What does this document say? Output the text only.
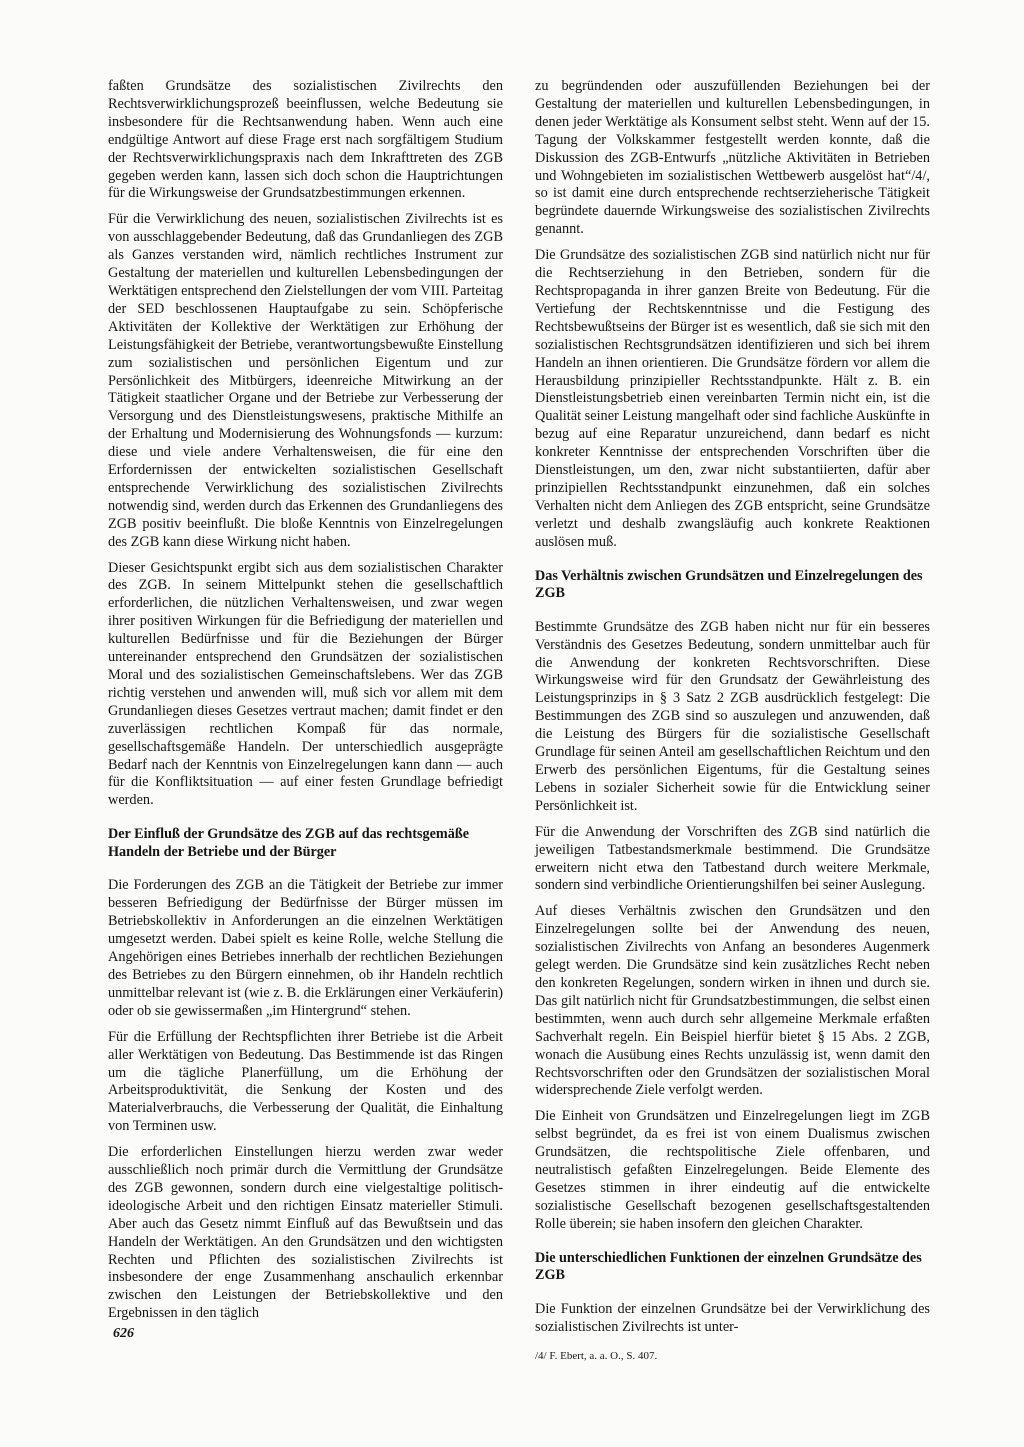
faßten Grundsätze des sozialistischen Zivilrechts den Rechtsverwirklichungsprozeß beeinflussen, welche Bedeutung sie insbesondere für die Rechtsanwendung haben. Wenn auch eine endgültige Antwort auf diese Frage erst nach sorgfältigem Studium der Rechtsverwirklichungspraxis nach dem Inkrafttreten des ZGB gegeben werden kann, lassen sich doch schon die Hauptrichtungen für die Wirkungsweise der Grundsatzbestimmungen erkennen.

Für die Verwirklichung des neuen, sozialistischen Zivilrechts ist es von ausschlaggebender Bedeutung, daß das Grundanliegen des ZGB als Ganzes verstanden wird, nämlich rechtliches Instrument zur Gestaltung der materiellen und kulturellen Lebensbedingungen der Werktätigen entsprechend den Zielstellungen der vom VIII. Parteitag der SED beschlossenen Hauptaufgabe zu sein. Schöpferische Aktivitäten der Kollektive der Werktätigen zur Erhöhung der Leistungsfähigkeit der Betriebe, verantwortungsbewußte Einstellung zum sozialistischen und persönlichen Eigentum und zur Persönlichkeit des Mitbürgers, ideenreiche Mitwirkung an der Tätigkeit staatlicher Organe und der Betriebe zur Verbesserung der Versorgung und des Dienstleistungswesens, praktische Mithilfe an der Erhaltung und Modernisierung des Wohnungsfonds — kurzum: diese und viele andere Verhaltensweisen, die für eine den Erfordernissen der entwickelten sozialistischen Gesellschaft entsprechende Verwirklichung des sozialistischen Zivilrechts notwendig sind, werden durch das Erkennen des Grundanliegens des ZGB positiv beeinflußt. Die bloße Kenntnis von Einzelregelungen des ZGB kann diese Wirkung nicht haben.

Dieser Gesichtspunkt ergibt sich aus dem sozialistischen Charakter des ZGB. In seinem Mittelpunkt stehen die gesellschaftlich erforderlichen, die nützlichen Verhaltensweisen, und zwar wegen ihrer positiven Wirkungen für die Befriedigung der materiellen und kulturellen Bedürfnisse und für die Beziehungen der Bürger untereinander entsprechend den Grundsätzen der sozialistischen Moral und des sozialistischen Gemeinschaftslebens. Wer das ZGB richtig verstehen und anwenden will, muß sich vor allem mit dem Grundanliegen dieses Gesetzes vertraut machen; damit findet er den zuverlässigen rechtlichen Kompaß für das normale, gesellschaftsgemäße Handeln. Der unterschiedlich ausgeprägte Bedarf nach der Kenntnis von Einzelregelungen kann dann — auch für die Konfliktsituation — auf einer festen Grundlage befriedigt werden.

Der Einfluß der Grundsätze des ZGB auf das rechtsgemäße Handeln der Betriebe und der Bürger

Die Forderungen des ZGB an die Tätigkeit der Betriebe zur immer besseren Befriedigung der Bedürfnisse der Bürger müssen im Betriebskollektiv in Anforderungen an die einzelnen Werktätigen umgesetzt werden. Dabei spielt es keine Rolle, welche Stellung die Angehörigen eines Betriebes innerhalb der rechtlichen Beziehungen des Betriebes zu den Bürgern einnehmen, ob ihr Handeln rechtlich unmittelbar relevant ist (wie z. B. die Erklärungen einer Verkäuferin) oder ob sie gewissermaßen „im Hintergrund“ stehen.

Für die Erfüllung der Rechtspflichten ihrer Betriebe ist die Arbeit aller Werktätigen von Bedeutung. Das Bestimmende ist das Ringen um die tägliche Planerfüllung, um die Erhöhung der Arbeitsproduktivität, die Senkung der Kosten und des Materialverbrauchs, die Verbesserung der Qualität, die Einhaltung von Terminen usw.

Die erforderlichen Einstellungen hierzu werden zwar weder ausschließlich noch primär durch die Vermittlung der Grundsätze des ZGB gewonnen, sondern durch eine vielgestaltige politisch-ideologische Arbeit und den richtigen Einsatz materieller Stimuli. Aber auch das Gesetz nimmt Einfluß auf das Bewußtsein und das Handeln der Werktätigen. An den Grundsätzen und den wichtigsten Rechten und Pflichten des sozialistischen Zivilrechts ist insbesondere der enge Zusammenhang anschaulich erkennbar zwischen den Leistungen der Betriebskollektive und den Ergebnissen in den täglich

zu begründenden oder auszufüllenden Beziehungen bei der Gestaltung der materiellen und kulturellen Lebensbedingungen, in denen jeder Werktätige als Konsument selbst steht. Wenn auf der 15. Tagung der Volkskammer festgestellt werden konnte, daß die Diskussion des ZGB-Entwurfs „nützliche Aktivitäten in Betrieben und Wohngebieten im sozialistischen Wettbewerb ausgelöst hat“/4/, so ist damit eine durch entsprechende rechtserzieherische Tätigkeit begründete dauernde Wirkungsweise des sozialistischen Zivilrechts genannt.

Die Grundsätze des sozialistischen ZGB sind natürlich nicht nur für die Rechtserziehung in den Betrieben, sondern für die Rechtspropaganda in ihrer ganzen Breite von Bedeutung. Für die Vertiefung der Rechtskenntnisse und die Festigung des Rechtsbewußtseins der Bürger ist es wesentlich, daß sie sich mit den sozialistischen Rechtsgrundsätzen identifizieren und sich bei ihrem Handeln an ihnen orientieren. Die Grundsätze fördern vor allem die Herausbildung prinzipieller Rechtsstandpunkte. Hält z. B. ein Dienstleistungsbetrieb einen vereinbarten Termin nicht ein, ist die Qualität seiner Leistung mangelhaft oder sind fachliche Auskünfte in bezug auf eine Reparatur unzureichend, dann bedarf es nicht konkreter Kenntnisse der entsprechenden Vorschriften über die Dienstleistungen, um den, zwar nicht substantiierten, dafür aber prinzipiellen Rechtsstandpunkt einzunehmen, daß ein solches Verhalten nicht dem Anliegen des ZGB entspricht, seine Grundsätze verletzt und deshalb zwangsläufig auch konkrete Reaktionen auslösen muß.

Das Verhältnis zwischen Grundsätzen und Einzelregelungen des ZGB

Bestimmte Grundsätze des ZGB haben nicht nur für ein besseres Verständnis des Gesetzes Bedeutung, sondern unmittelbar auch für die Anwendung der konkreten Rechtsvorschriften. Diese Wirkungsweise wird für den Grundsatz der Gewährleistung des Leistungsprinzips in § 3 Satz 2 ZGB ausdrücklich festgelegt: Die Bestimmungen des ZGB sind so auszulegen und anzuwenden, daß die Leistung des Bürgers für die sozialistische Gesellschaft Grundlage für seinen Anteil am gesellschaftlichen Reichtum und den Erwerb des persönlichen Eigentums, für die Gestaltung seines Lebens in sozialer Sicherheit sowie für die Entwicklung seiner Persönlichkeit ist.

Für die Anwendung der Vorschriften des ZGB sind natürlich die jeweiligen Tatbestandsmerkmale bestimmend. Die Grundsätze erweitern nicht etwa den Tatbestand durch weitere Merkmale, sondern sind verbindliche Orientierungshilfen bei seiner Auslegung.

Auf dieses Verhältnis zwischen den Grundsätzen und den Einzelregelungen sollte bei der Anwendung des neuen, sozialistischen Zivilrechts von Anfang an besonderes Augenmerk gelegt werden. Die Grundsätze sind kein zusätzliches Recht neben den konkreten Regelungen, sondern wirken in ihnen und durch sie. Das gilt natürlich nicht für Grundsatzbestimmungen, die selbst einen bestimmten, wenn auch durch sehr allgemeine Merkmale erfaßten Sachverhalt regeln. Ein Beispiel hierfür bietet § 15 Abs. 2 ZGB, wonach die Ausübung eines Rechts unzulässig ist, wenn damit den Rechtsvorschriften oder den Grundsätzen der sozialistischen Moral widersprechende Ziele verfolgt werden.

Die Einheit von Grundsätzen und Einzelregelungen liegt im ZGB selbst begründet, da es frei ist von einem Dualismus zwischen Grundsätzen, die rechtspolitische Ziele offenbaren, und neutralistisch gefaßten Einzelregelungen. Beide Elemente des Gesetzes stimmen in ihrer eindeutig auf die entwickelte sozialistische Gesellschaft bezogenen gesellschaftsgestaltenden Rolle überein; sie haben insofern den gleichen Charakter.

Die unterschiedlichen Funktionen der einzelnen Grundsätze des ZGB

Die Funktion der einzelnen Grundsätze bei der Verwirklichung des sozialistischen Zivilrechts ist unter-

/4/ F. Ebert, a. a. O., S. 407.
626
